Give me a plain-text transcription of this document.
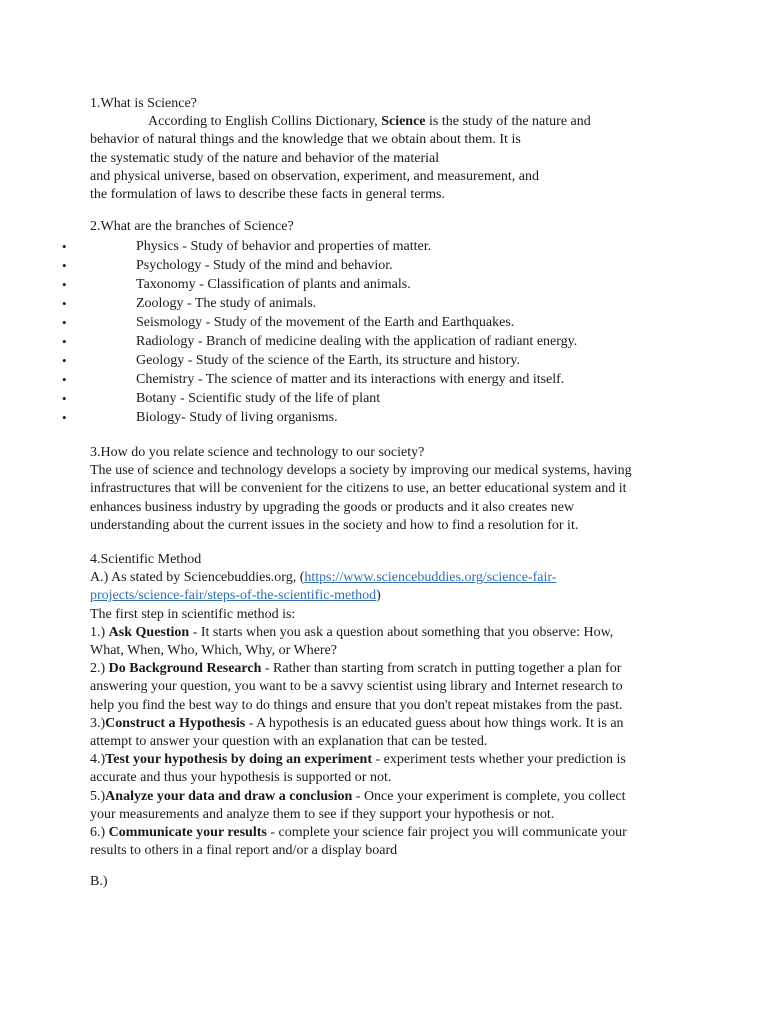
1.What is Science?
According to English Collins Dictionary, Science is the study of the nature and
behavior of natural things and the knowledge that we obtain about them. It is
the systematic study of the nature and behavior of the material
and physical universe, based on observation, experiment, and measurement, and
the formulation of laws to describe these facts in general terms.
2.What are the branches of Science?
•	Physics - Study of behavior and properties of matter.
•	Psychology - Study of the mind and behavior.
•	Taxonomy - Classification of plants and animals.
•	Zoology - The study of animals.
•	Seismology - Study of the movement of the Earth and Earthquakes.
•	Radiology - Branch of medicine dealing with the application of radiant energy.
•	Geology - Study of the science of the Earth, its structure and history.
•	Chemistry - The science of matter and its interactions with energy and itself.
•	Botany - Scientific study of the life of plant
•	Biology- Study of living organisms.
3.How do you relate science and technology to our society?
The use of science and technology develops a society by improving our medical systems, having
infrastructures that will be convenient for the citizens to use, an better educational system and it
enhances business industry by upgrading the goods or products and it also creates new
understanding about the current issues in the society and how to find a resolution for it.
4.Scientific Method
A.) As stated by Sciencebuddies.org, (https://www.sciencebuddies.org/science-fair-
projects/science-fair/steps-of-the-scientific-method)
The first step in scientific method is:
1.) Ask Question - It starts when you ask a question about something that you observe: How,
What, When, Who, Which, Why, or Where?
2.) Do Background Research - Rather than starting from scratch in putting together a plan for
answering your question, you want to be a savvy scientist using library and Internet research to
help you find the best way to do things and ensure that you don't repeat mistakes from the past.
3.)Construct a Hypothesis - A hypothesis is an educated guess about how things work. It is an
attempt to answer your question with an explanation that can be tested.
4.)Test your hypothesis by doing an experiment - experiment tests whether your prediction is
accurate and thus your hypothesis is supported or not.
5.)Analyze your data and draw a conclusion - Once your experiment is complete, you collect
your measurements and analyze them to see if they support your hypothesis or not.
6.) Communicate your results - complete your science fair project you will communicate your
results to others in a final report and/or a display board
B.)
